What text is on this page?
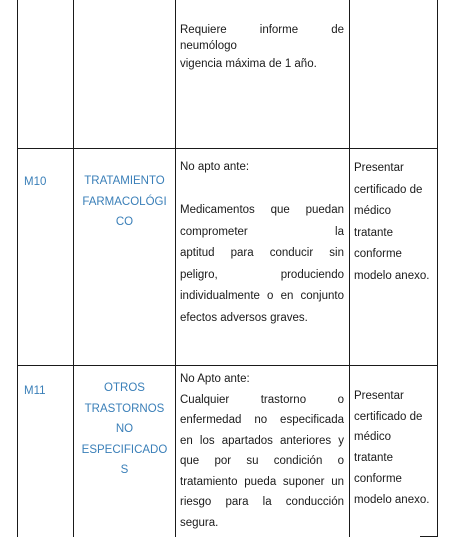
Requiere informe de
neumólogo
vigencia máxima de 1 año.
M10	TRATAMIENTO
FARMACOLÓGI
CO
No apto ante:

Medicamentos que puedan
comprometer la
aptitud para conducir sin
peligro, produciendo
individualmente o en conjunto
efectos adversos graves.
Presentar
certificado de
médico
tratante
conforme
modelo anexo.
M11	OTROS
TRASTORNOS
NO
ESPECIFICADO
S
No Apto ante:
Cualquier trastorno o
enfermedad no especificada
en los apartados anteriores y
que por su condición o
tratamiento pueda suponer un
riesgo para la conducción
segura.
Presentar
certificado de
médico
tratante
conforme
modelo anexo.
